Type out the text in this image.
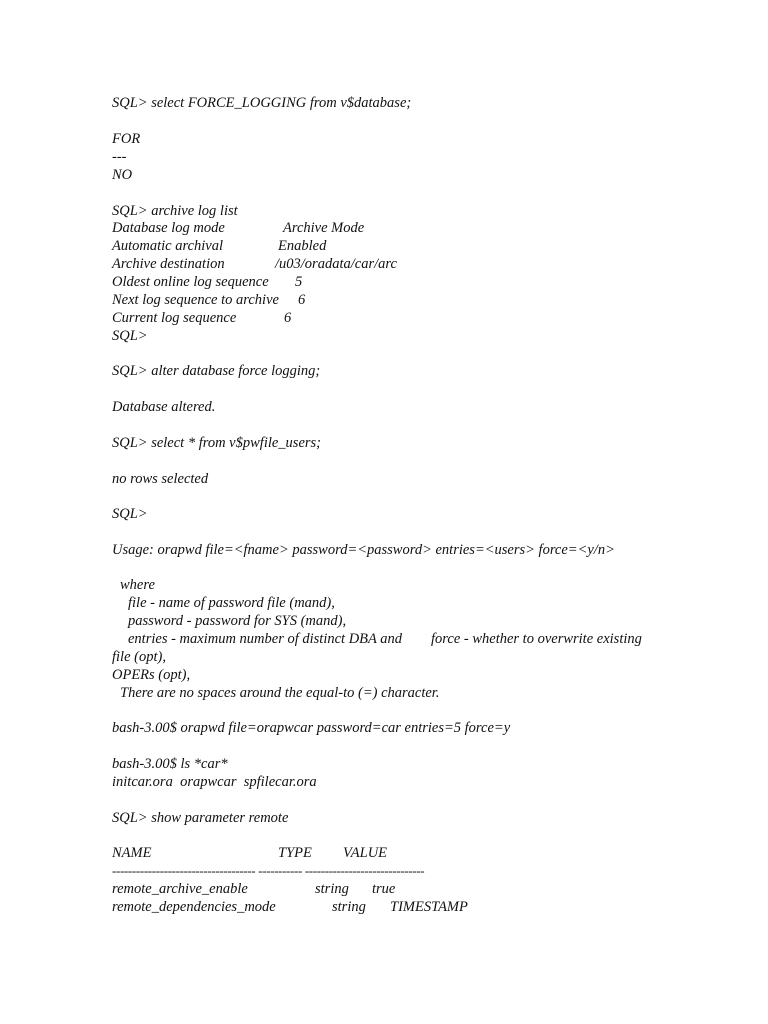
SQL> select FORCE_LOGGING from v$database;
FOR
---
NO
SQL> archive log list
Database log mode	Archive Mode
Automatic archival	Enabled
Archive destination	/u03/oradata/car/arc
Oldest online log sequence 5
Next log sequence to archive 6
Current log sequence	6
SQL>
SQL> alter database force logging;
Database altered.
SQL> select * from v$pwfile_users;
no rows selected
SQL>
Usage: orapwd file=<fname> password=<password> entries=<users> force=<y/n>
where
file - name of password file (mand),
password - password for SYS (mand),
entries - maximum number of distinct DBA and force - whether to overwrite existing
file (opt),
OPERs (opt),
There are no spaces around the equal-to (=) character.
bash-3.00$ orapwd file=orapwcar password=car entries=5 force=y
bash-3.00$ ls *car*
initcar.ora  orapwcar  spfilecar.ora
SQL> show parameter remote
NAME	TYPE VALUE
------------------------------------ ----------- ------------------------------
remote_archive_enable	string true
remote_dependencies_mode	string TIMESTAMP
